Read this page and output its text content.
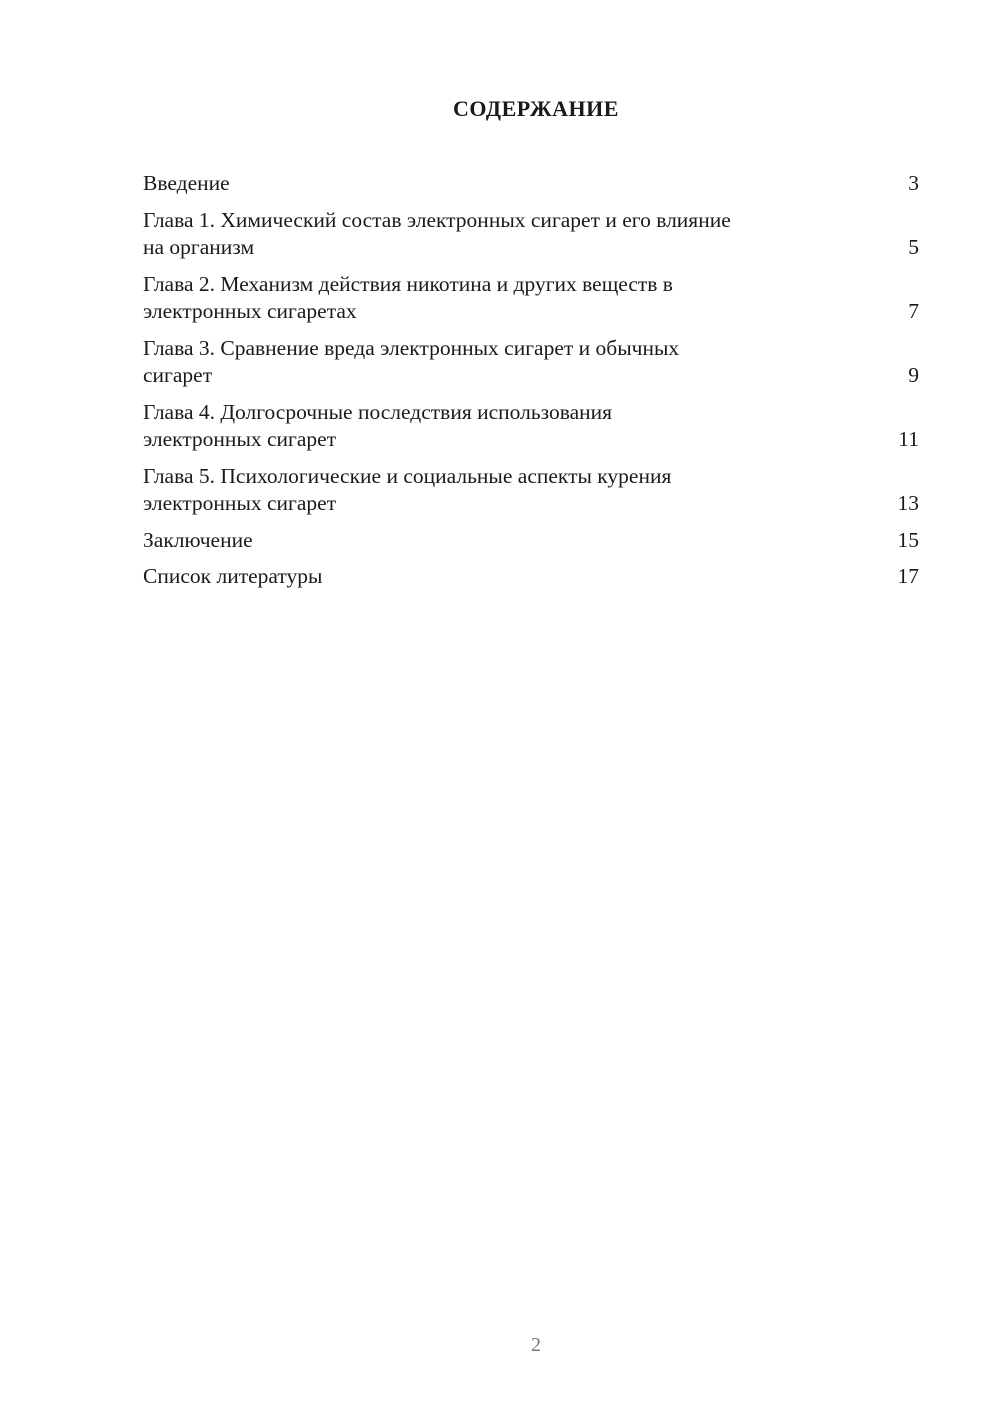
СОДЕРЖАНИЕ
Введение	3
Глава 1. Химический состав электронных сигарет и его влияние
на организм	5
Глава 2. Механизм действия никотина и других веществ в
электронных сигаретах	7
Глава 3. Сравнение вреда электронных сигарет и обычных
сигарет	9
Глава 4. Долгосрочные последствия использования
электронных сигарет	11
Глава 5. Психологические и социальные аспекты курения
электронных сигарет	13
Заключение	15
Список литературы	17
2
